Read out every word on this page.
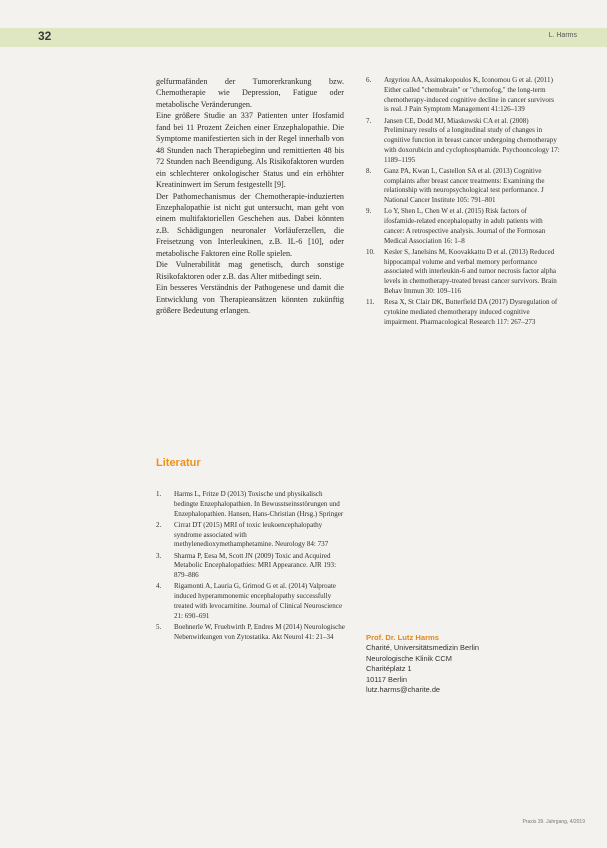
32	L. Harms

gelfurmafänden der Tumorerkrankung bzw. Chemotherapie wie Depression, Fatigue oder metabolische Veränderungen.

Eine größere Studie an 337 Patienten unter Ifosfamid fand bei 11 Prozent Zeichen einer Enzephalopathie. Die Symptome manifestierten sich in der Regel innerhalb von 48 Stunden nach Therapiebeginn und remittierten 48 bis 72 Stunden nach Beendigung. Als Risikofaktoren wurden ein schlechterer onkologischer Status und ein erhöhter Kreatininwert im Serum festgestellt [9].

Der Pathomechanismus der Chemotherapie-induzierten Enzephalopathie ist nicht gut untersucht, man geht von einem multifaktoriellen Geschehen aus. Dabei könnten z.B. Schädigungen neuronaler Vorläuferzellen, die Freisetzung von Interleukinen, z.B. IL-6 [10], oder metabolische Faktoren eine Rolle spielen.

Die Vulnerabilität mag genetisch, durch sonstige Risikofaktoren oder z.B. das Alter mitbedingt sein.

Ein besseres Verständnis der Pathogenese und damit die Entwicklung von Therapieansätzen könnten zukünftig größere Bedeutung erlangen.

Literatur
1. Harms L, Fritze D (2013) Toxische und physikalisch bedingte Enzephalopathien. In Bewusstseinsstörungen und Enzephalopathien. Hansen, Hans-Christian (Hrsg.) Springer
2. Cirrat DT (2015) MRI of toxic leukoencephalopathy syndrome associated with methylenedioxymethamphetamine. Neurology 84: 737
3. Sharma P, Eesa M, Scott JN (2009) Toxic and Acquired Metabolic Encephalopathies: MRI Appearance. AJR 193: 879–886
4. Rigamonti A, Lauria G, Grimod G et al. (2014) Valproate induced hyperammonemic encephalopathy successfully treated with levocarnitine. Journal of Clinical Neuroscience 21: 690–691
5. Boehnerle W, Fruehwirth P, Endres M (2014) Neurologische Nebenwirkungen von Zytostatika. Akt Neurol 41: 21–34
6. Argyriou AA, Assimakopoulos K, Iconomou G et al. (2011) Either called "chemobrain" or "chemofog," the long-term chemotherapy-induced cognitive decline in cancer survivors is real. J Pain Symptom Management 41:126–139
7. Jansen CE, Dodd MJ, Miaskowski CA et al. (2008) Preliminary results of a longitudinal study of changes in cognitive function in breast cancer undergoing chemotherapy with doxorubicin and cyclophosphamide. Psychooncology 17: 1189–1195
8. Ganz PA, Kwan L, Castellon SA et al. (2013) Cognitive complaints after breast cancer treatments: Examining the relationship with neuropsychological test performance. J National Cancer Institute 105: 791–801
9. Lo Y, Shen L, Chen W et al. (2015) Risk factors of ifosfamide-related encephalopathy in adult patients with cancer: A retrospective analysis. Journal of the Formosan Medical Association 16: 1–8
10. Kesler S, Janelsins M, Koovakkattu D et al. (2013) Reduced hippocampal volume and verbal memory performance associated with interleukin-6 and tumor necrosis factor alpha levels in chemotherapy-treated breast cancer survivors. Brain Behav Immun 30: 109–116
11. Resa X, St Clair DK, Butterfield DA (2017) Dysregulation of cytokine mediated chemotherapy induced cognitive impairment. Pharmacological Research 117: 267–273
Prof. Dr. Lutz Harms
Charité, Universitätsmedizin Berlin
Neurologische Klinik CCM
Charitéplatz 1
10117 Berlin
lutz.harms@charite.de
Praxis 39. Jahrgang, 4/2019
